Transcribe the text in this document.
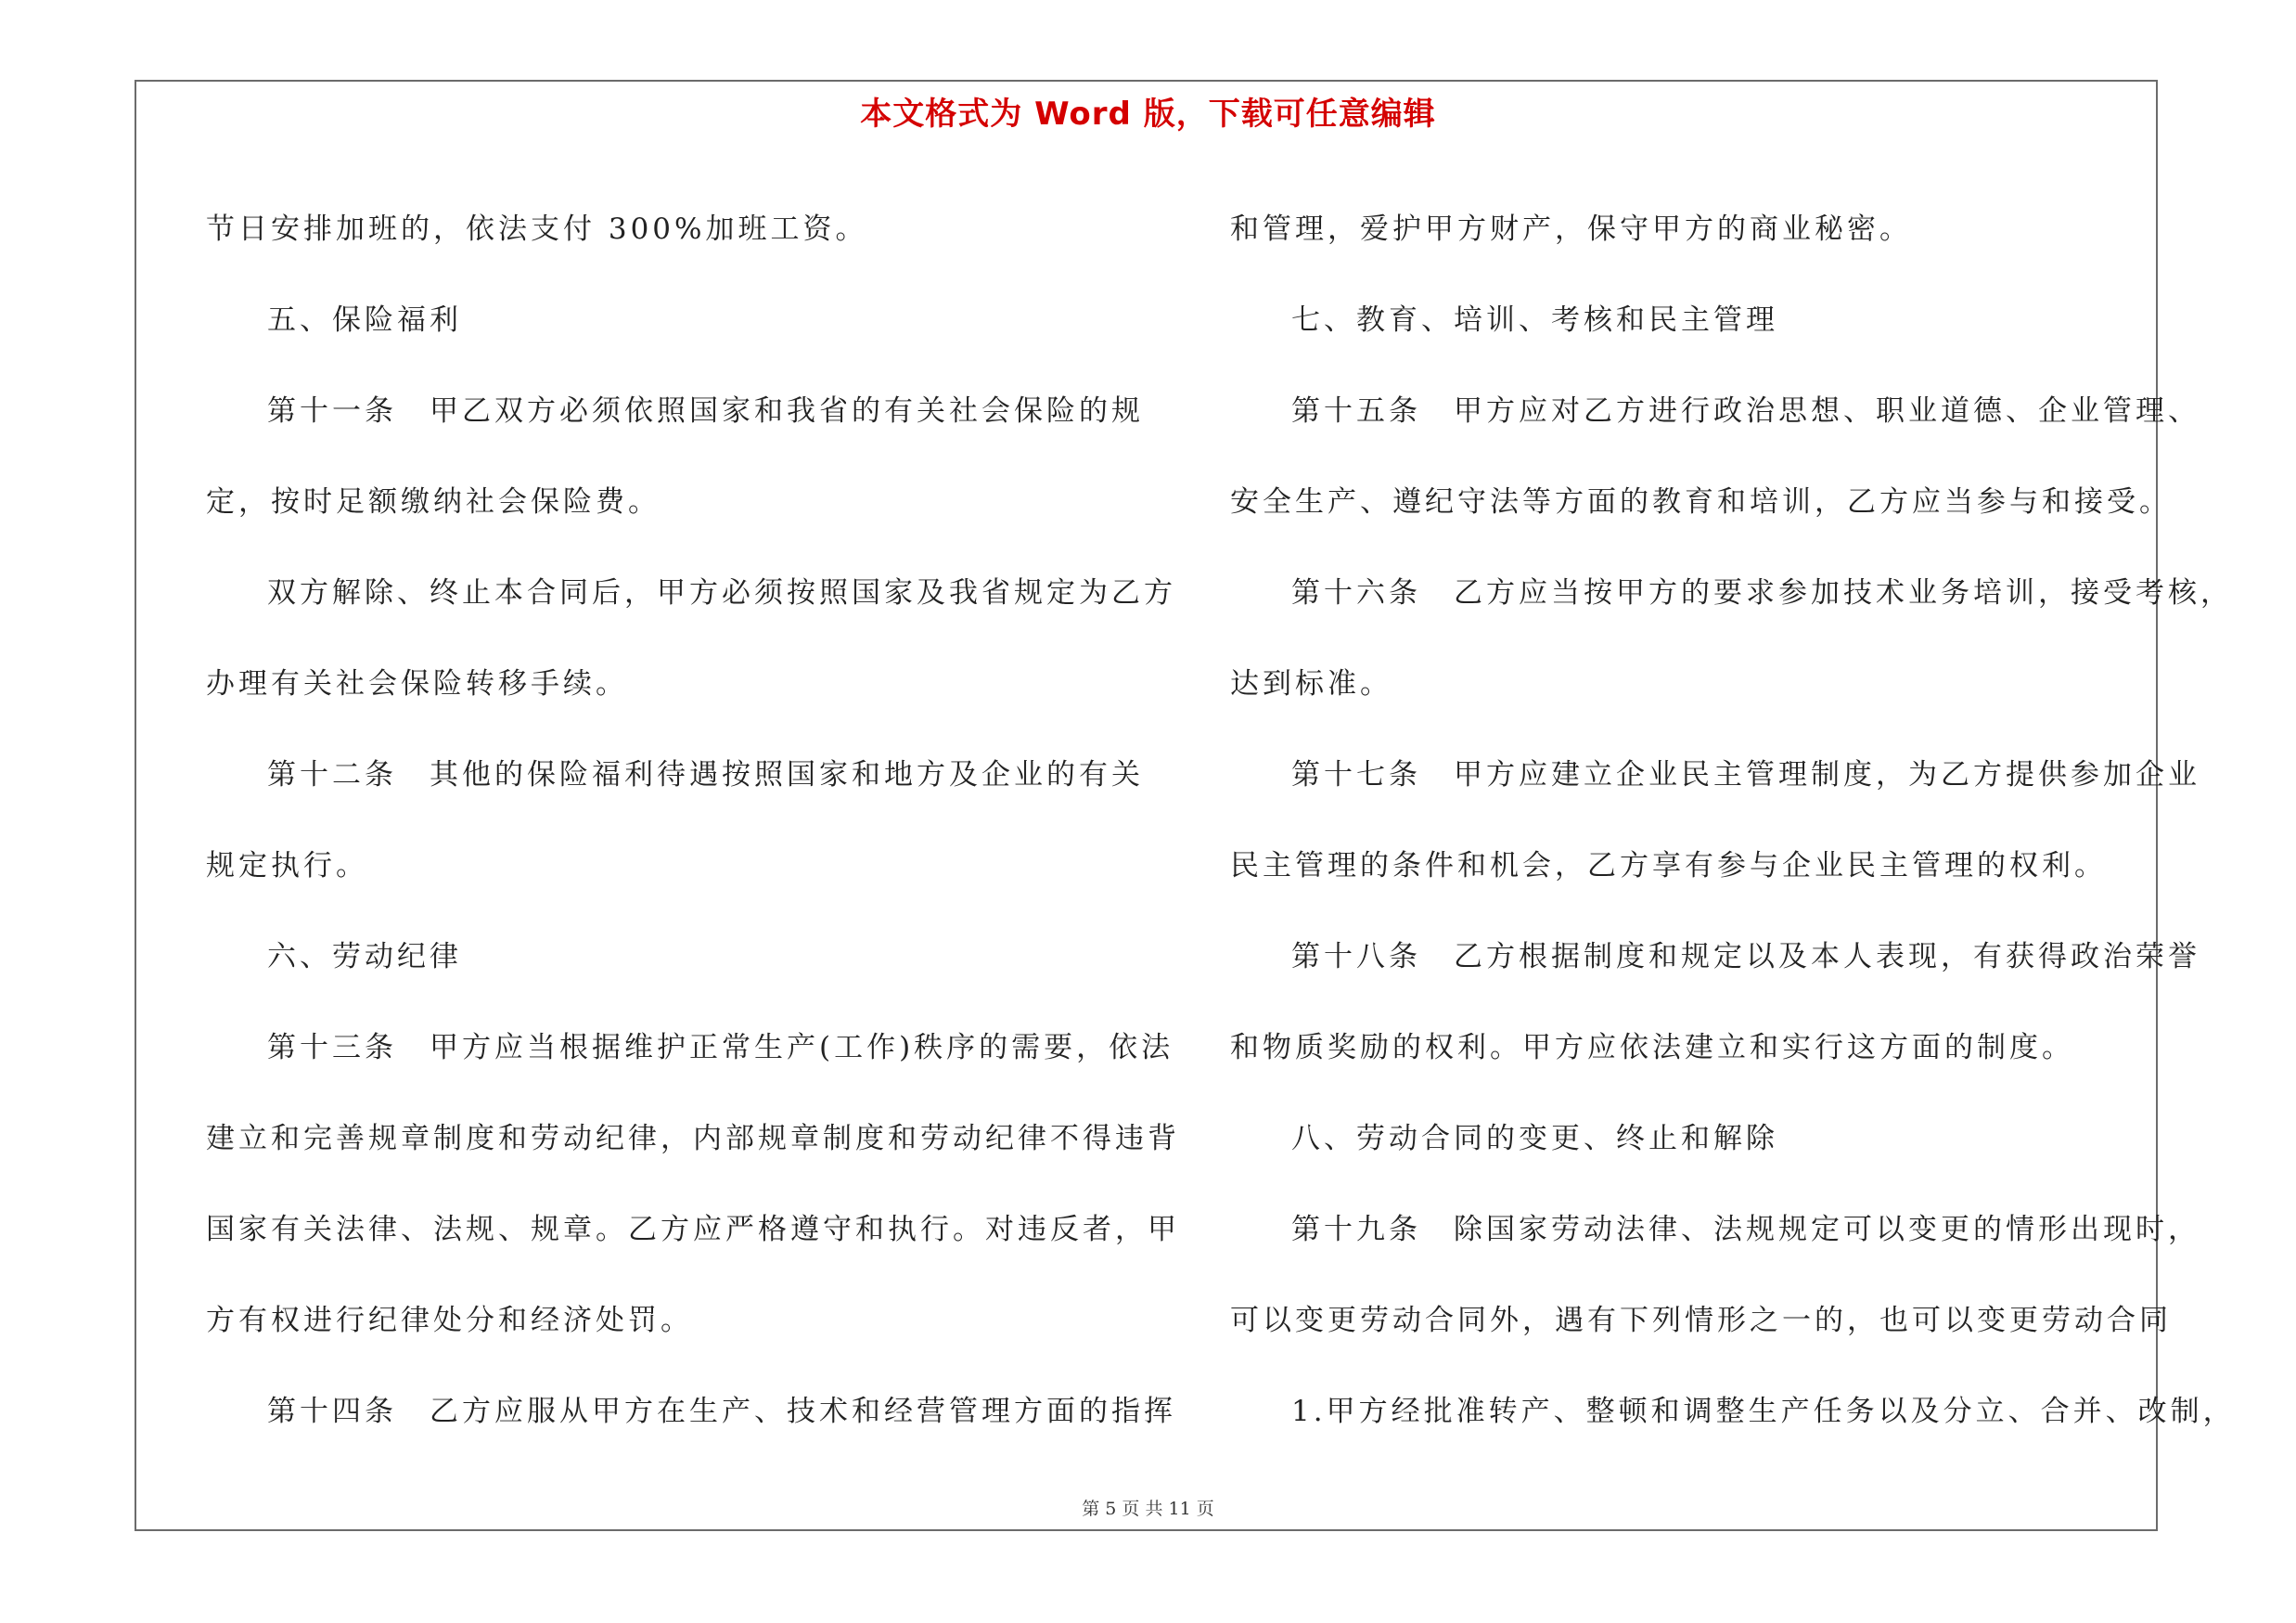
本文格式为 Word 版，下载可任意编辑

节日安排加班的，依法支付 300%加班工资。

五、保险福利

第十一条　甲乙双方必须依照国家和我省的有关社会保险的规

定，按时足额缴纳社会保险费。

双方解除、终止本合同后，甲方必须按照国家及我省规定为乙方

办理有关社会保险转移手续。

第十二条　其他的保险福利待遇按照国家和地方及企业的有关

规定执行。

六、劳动纪律

第十三条　甲方应当根据维护正常生产(工作)秩序的需要，依法

建立和完善规章制度和劳动纪律，内部规章制度和劳动纪律不得违背

国家有关法律、法规、规章。乙方应严格遵守和执行。对违反者，甲

方有权进行纪律处分和经济处罚。

第十四条　乙方应服从甲方在生产、技术和经营管理方面的指挥

和管理，爱护甲方财产，保守甲方的商业秘密。

七、教育、培训、考核和民主管理

第十五条　甲方应对乙方进行政治思想、职业道德、企业管理、

安全生产、遵纪守法等方面的教育和培训，乙方应当参与和接受。

第十六条　乙方应当按甲方的要求参加技术业务培训，接受考核，

达到标准。

第十七条　甲方应建立企业民主管理制度，为乙方提供参加企业

民主管理的条件和机会，乙方享有参与企业民主管理的权利。

第十八条　乙方根据制度和规定以及本人表现，有获得政治荣誉

和物质奖励的权利。甲方应依法建立和实行这方面的制度。

八、劳动合同的变更、终止和解除

第十九条　除国家劳动法律、法规规定可以变更的情形出现时，

可以变更劳动合同外，遇有下列情形之一的，也可以变更劳动合同

1.甲方经批准转产、整顿和调整生产任务以及分立、合并、改制，

第 5 页 共 11 页
